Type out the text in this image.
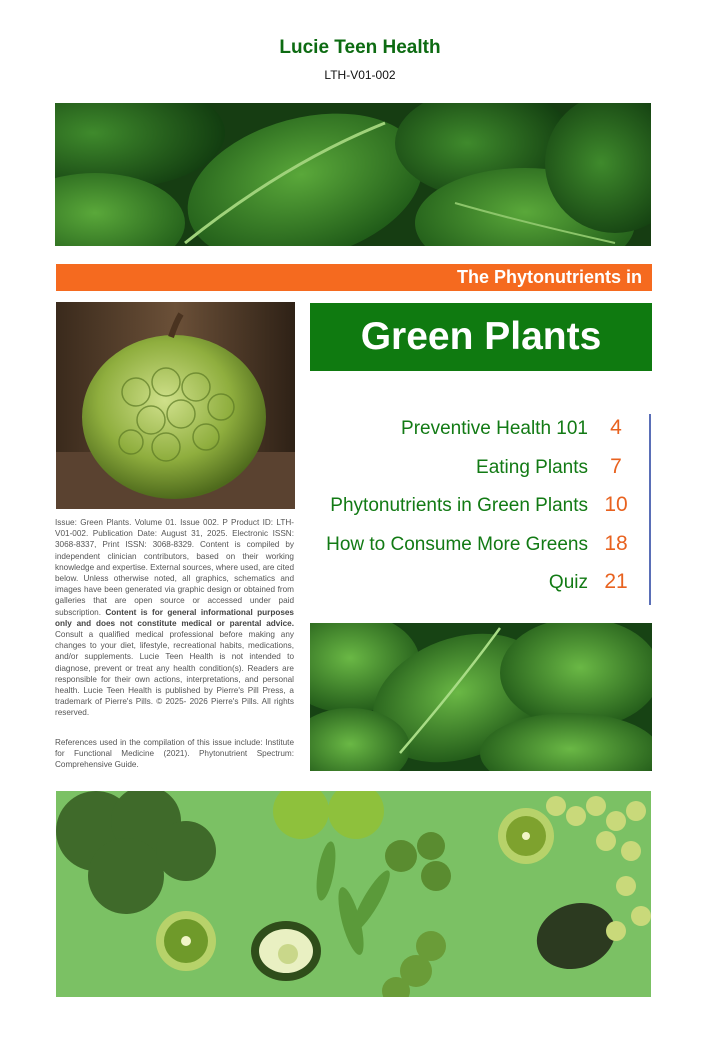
Lucie Teen Health
LTH-V01-002
The Phytonutrients in
Green Plants
Preventive Health 101	4
Eating Plants	7
Phytonutrients in Green Plants 10
How to Consume More Greens 18
Quiz 21
Issue: Green Plants. Volume 01. Issue 002. P Product ID: LTH-V01-002. Publication Date: August 31, 2025. Electronic ISSN: 3068-8337, Print ISSN: 3068-8329. Content is compiled by independent clinician contributors, based on their working knowledge and expertise. External sources, where used, are cited below. Unless otherwise noted, all graphics, schematics and images have been generated via graphic design or obtained from galleries that are open source or accessed under paid subscription. Content is for general informational purposes only and does not constitute medical or parental advice. Consult a qualified medical professional before making any changes to your diet, lifestyle, recreational habits, medications, and/or supplements. Lucie Teen Health is not intended to diagnose, prevent or treat any health condition(s). Readers are responsible for their own actions, interpretations, and personal health. Lucie Teen Health is published by Pierre's Pill Press, a trademark of Pierre's Pills. © 2025- 2026 Pierre's Pills. All rights reserved.
References used in the compilation of this issue include: Institute for Functional Medicine (2021). Phytonutrient Spectrum: Comprehensive Guide.
